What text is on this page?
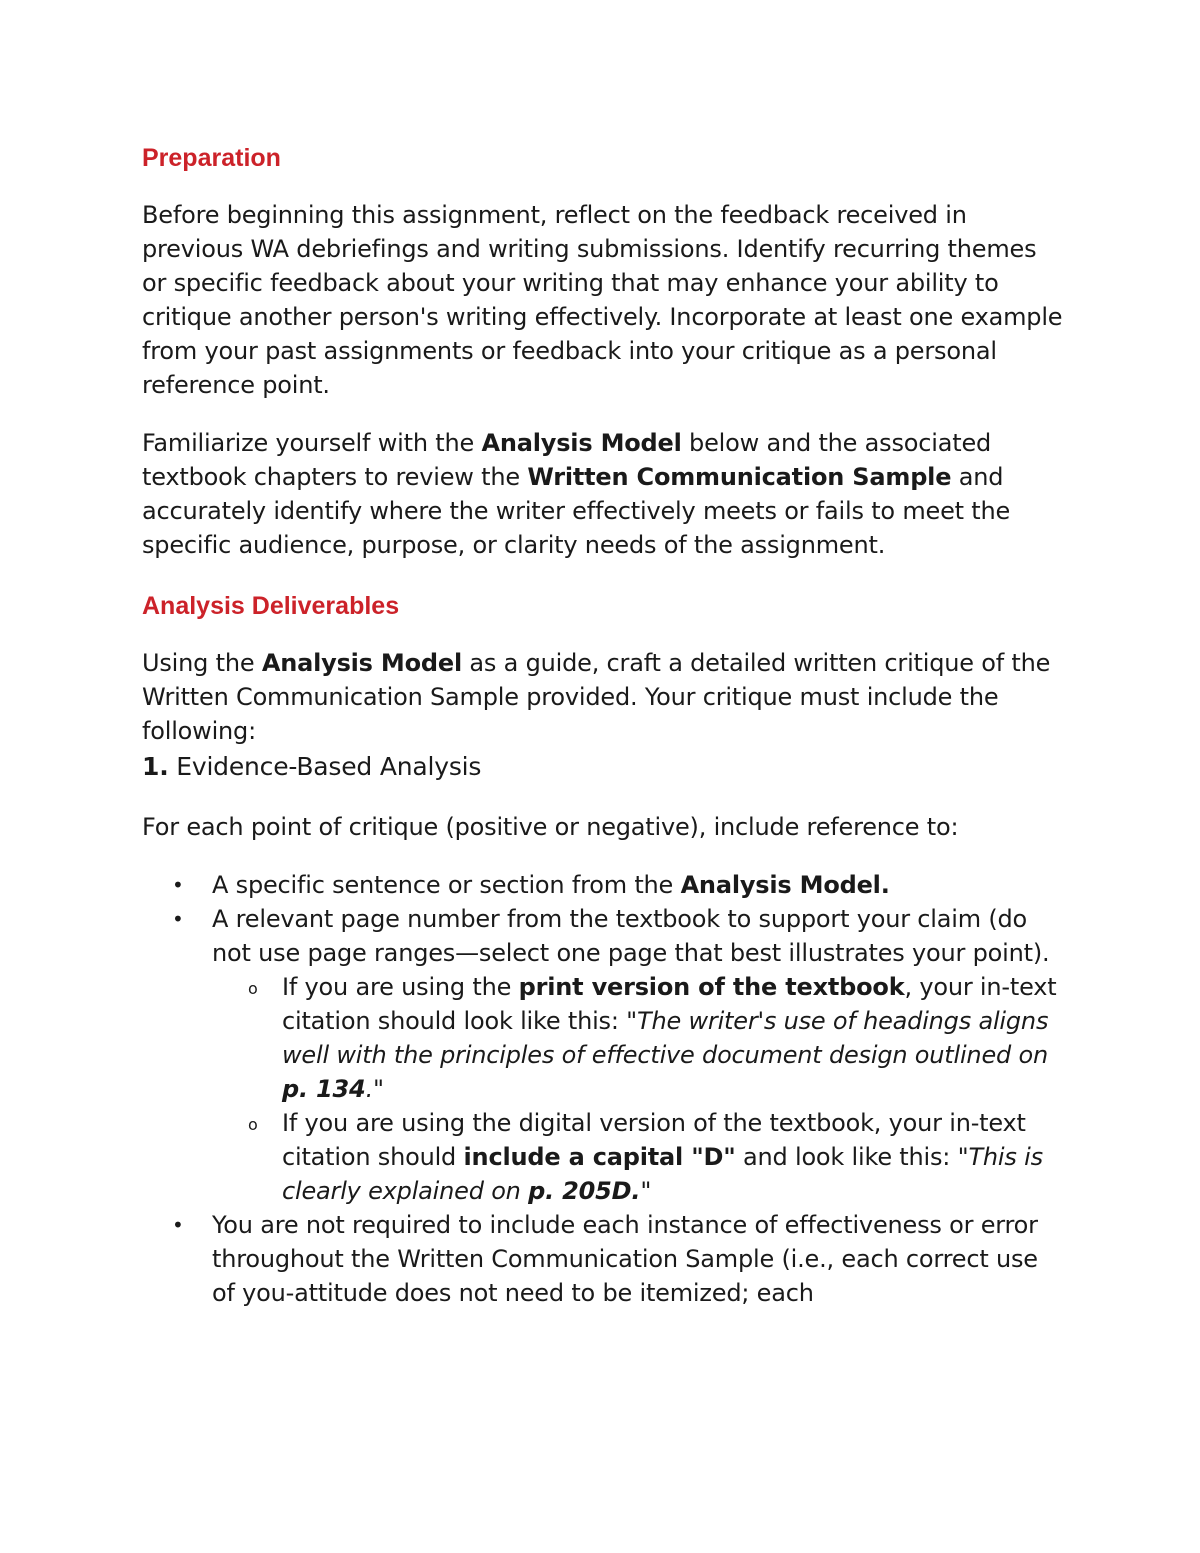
Preparation

Before beginning this assignment, reflect on the feedback received in previous WA debriefings and writing submissions. Identify recurring themes or specific feedback about your writing that may enhance your ability to critique another person's writing effectively. Incorporate at least one example from your past assignments or feedback into your critique as a personal reference point.

Familiarize yourself with the Analysis Model below and the associated textbook chapters to review the Written Communication Sample and accurately identify where the writer effectively meets or fails to meet the specific audience, purpose, or clarity needs of the assignment.

Analysis Deliverables

Using the Analysis Model as a guide, craft a detailed written critique of the Written Communication Sample provided. Your critique must include the following:

1. Evidence-Based Analysis

For each point of critique (positive or negative), include reference to:

• A specific sentence or section from the Analysis Model.
• A relevant page number from the textbook to support your claim (do not use page ranges—select one page that best illustrates your point).
o If you are using the print version of the textbook, your in-text citation should look like this: "The writer's use of headings aligns well with the principles of effective document design outlined on p. 134."
o If you are using the digital version of the textbook, your in-text citation should include a capital "D" and look like this: "This is clearly explained on p. 205D."
• You are not required to include each instance of effectiveness or error throughout the Written Communication Sample (i.e., each correct use of you-attitude does not need to be itemized; each
